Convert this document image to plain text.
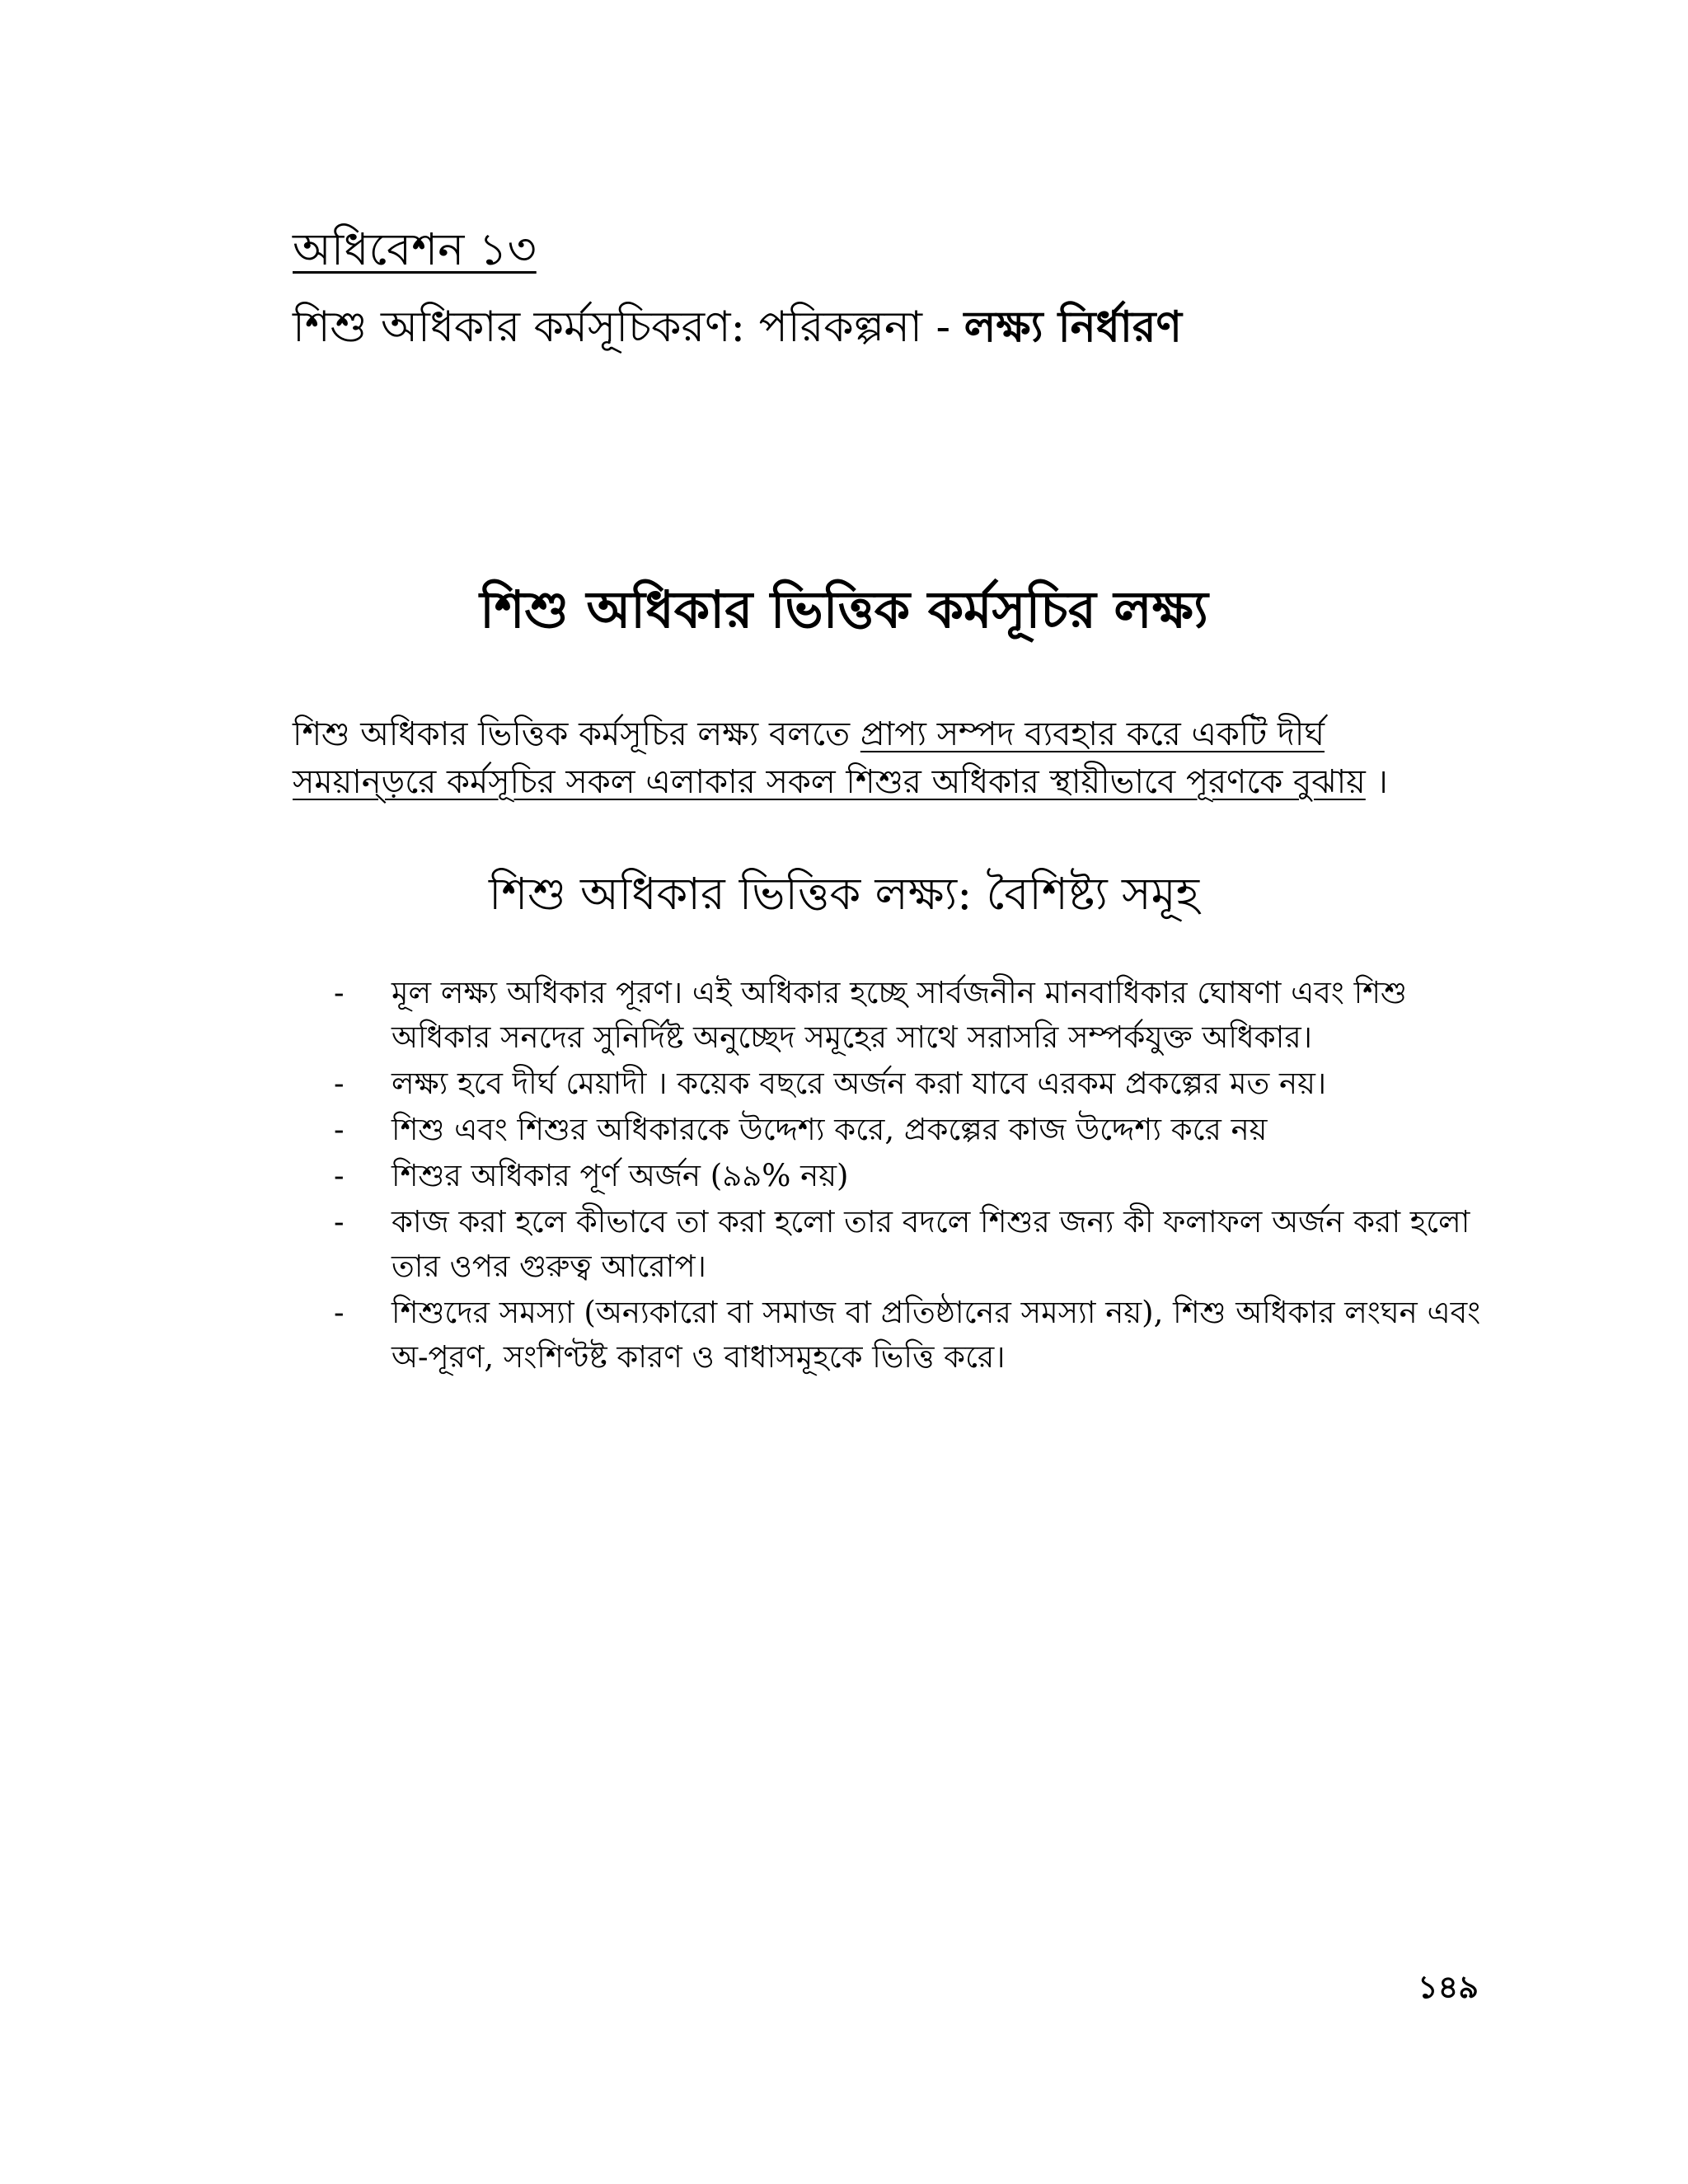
অধিবেশন ১৩
শিশু অধিকার কর্মসূচিকরণ: পরিকল্পনা - লক্ষ্য নির্ধারণ
শিশু অধিকার ভিত্তিক কর্মসূচির লক্ষ্য
শিশু অধিকার ভিত্তিক কর্মসূচির লক্ষ্য বলতে প্রাপ্য সম্পদ ব্যবহার করে একটি দীর্ঘ সময়ান্ড়রে কর্মসূচির সকল এলাকার সকল শিশুর অধিকার স্থায়ীভাবে পূরণকে বুঝায় ।
শিশু অধিকার ভিত্তিক লক্ষ্য: বৈশিষ্ট্য সমূহ
- মূল লক্ষ্য অধিকার পূরণ। এই অধিকার হচ্ছে সার্বজনীন মানবাধিকার ঘোষণা এবং শিশু অধিকার সনদের সুনির্দিষ্ট অনুচ্ছেদ সমূহের সাথে সরাসরি সম্পর্কযুক্ত অধিকার।
- লক্ষ্য হবে দীর্ঘ মেয়াদী । কয়েক বছরে অর্জন করা যাবে এরকম প্রকল্পের মত নয়।
- শিশু এবং শিশুর অধিকারকে উদ্দেশ্য করে, প্রকল্পের কাজ উদ্দেশ্য করে নয়
- শিশুর অধিকার পূর্ণ অর্জন (৯৯% নয়)
- কাজ করা হলে কীভাবে তা করা হলো তার বদলে শিশুর জন্য কী ফলাফল অর্জন করা হলো তার ওপর গুরুত্ব আরোপ।
- শিশুদের সমস্যা (অন্যকারো বা সমাজ বা প্রতিষ্ঠানের সমস্যা নয়), শিশু অধিকার লংঘন এবং অ-পূরণ, সংশিণ্টষ্ট কারণ ও বাধাসমূহকে ভিত্তি করে।
১৪৯
